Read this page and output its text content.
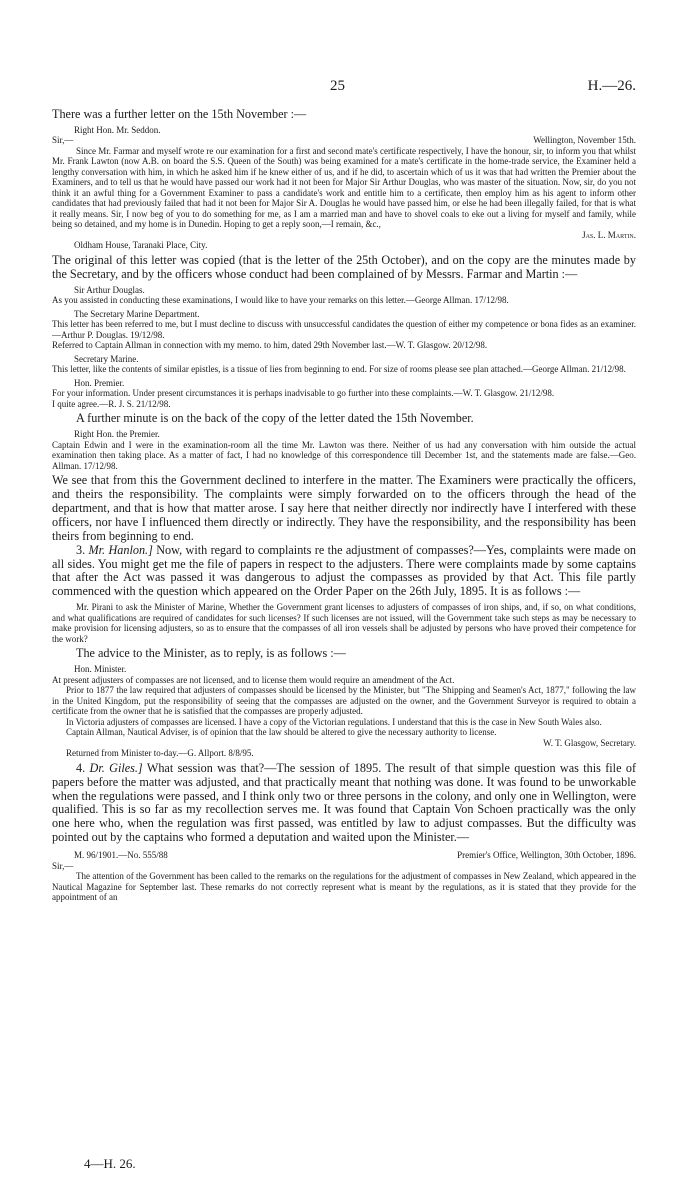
25	H.—26.

There was a further letter on the 15th November :—

Right Hon. Mr. Seddon.

Sir,—	Wellington, November 15th.

Since Mr. Farmar and myself wrote re our examination for a first and second mate's certificate respectively, I have the honour, sir, to inform you that whilst Mr. Frank Lawton (now A.B. on board the S.S. Queen of the South) was being examined for a mate's certificate in the home-trade service, the Examiner held a lengthy conversation with him, in which he asked him if he knew either of us, and if he did, to ascertain which of us it was that had written the Premier about the Examiners, and to tell us that he would have passed our work had it not been for Major Sir Arthur Douglas, who was master of the situation. Now, sir, do you not think it an awful thing for a Government Examiner to pass a candidate's work and entitle him to a certificate, then employ him as his agent to inform other candidates that had previously failed that had it not been for Major Sir A. Douglas he would have passed him, or else he had been illegally failed, for that is what it really means. Sir, I now beg of you to do something for me, as I am a married man and have to shovel coals to eke out a living for myself and family, while being so detained, and my home is in Dunedin. Hoping to get a reply soon,—I remain, &c.,

Jas. L. Martin.

Oldham House, Taranaki Place, City.

The original of this letter was copied (that is the letter of the 25th October), and on the copy are the minutes made by the Secretary, and by the officers whose conduct had been complained of by Messrs. Farmar and Martin :—

Sir Arthur Douglas.

As you assisted in conducting these examinations, I would like to have your remarks on this letter.—George Allman. 17/12/98.

The Secretary Marine Department.

This letter has been referred to me, but I must decline to discuss with unsuccessful candidates the question of either my competence or bona fides as an examiner.—Arthur P. Douglas. 19/12/98.

Referred to Captain Allman in connection with my memo. to him, dated 29th November last.—W. T. Glasgow. 20/12/98.

Secretary Marine.

This letter, like the contents of similar epistles, is a tissue of lies from beginning to end. For size of rooms please see plan attached.—George Allman. 21/12/98.

Hon. Premier.

For your information. Under present circumstances it is perhaps inadvisable to go further into these complaints.—W. T. Glasgow. 21/12/98.

I quite agree.—R. J. S. 21/12/98.

A further minute is on the back of the copy of the letter dated the 15th November.

Right Hon. the Premier.

Captain Edwin and I were in the examination-room all the time Mr. Lawton was there. Neither of us had any conversation with him outside the actual examination then taking place. As a matter of fact, I had no knowledge of this correspondence till December 1st, and the statements made are false.—Geo. Allman. 17/12/98.

We see that from this the Government declined to interfere in the matter. The Examiners were practically the officers, and theirs the responsibility. The complaints were simply forwarded on to the officers through the head of the department, and that is how that matter arose. I say here that neither directly nor indirectly have I interfered with these officers, nor have I influenced them directly or indirectly. They have the responsibility, and the responsibility has been theirs from beginning to end.

3. Mr. Hanlon.] Now, with regard to complaints re the adjustment of compasses?—Yes, complaints were made on all sides. You might get me the file of papers in respect to the adjusters. There were complaints made by some captains that after the Act was passed it was dangerous to adjust the compasses as provided by that Act. This file partly commenced with the question which appeared on the Order Paper on the 26th July, 1895. It is as follows :—

Mr. Pirani to ask the Minister of Marine, Whether the Government grant licenses to adjusters of compasses of iron ships, and, if so, on what conditions, and what qualifications are required of candidates for such licenses? If such licenses are not issued, will the Government take such steps as may be necessary to make provision for licensing adjusters, so as to ensure that the compasses of all iron vessels shall be adjusted by persons who have proved their competence for the work?

The advice to the Minister, as to reply, is as follows :—

Hon. Minister.

At present adjusters of compasses are not licensed, and to license them would require an amendment of the Act.

Prior to 1877 the law required that adjusters of compasses should be licensed by the Minister, but "The Shipping and Seamen's Act, 1877," following the law in the United Kingdom, put the responsibility of seeing that the compasses are adjusted on the owner, and the Government Surveyor is required to obtain a certificate from the owner that he is satisfied that the compasses are properly adjusted.

In Victoria adjusters of compasses are licensed. I have a copy of the Victorian regulations. I understand that this is the case in New South Wales also.

Captain Allman, Nautical Adviser, is of opinion that the law should be altered to give the necessary authority to license.

W. T. Glasgow, Secretary.

Returned from Minister to-day.—G. Allport. 8/8/95.

4. Dr. Giles.] What session was that?—The session of 1895. The result of that simple question was this file of papers before the matter was adjusted, and that practically meant that nothing was done. It was found to be unworkable when the regulations were passed, and I think only two or three persons in the colony, and only one in Wellington, were qualified. This is so far as my recollection serves me. It was found that Captain Von Schoen practically was the only one here who, when the regulation was first passed, was entitled by law to adjust compasses. But the difficulty was pointed out by the captains who formed a deputation and waited upon the Minister.—

M. 96/1901.—No. 555/88	Premier's Office, Wellington, 30th October, 1896.

Sir,—

The attention of the Government has been called to the remarks on the regulations for the adjustment of compasses in New Zealand, which appeared in the Nautical Magazine for September last. These remarks do not correctly represent what is meant by the regulations, as it is stated that they provide for the appointment of an

4—H. 26.
